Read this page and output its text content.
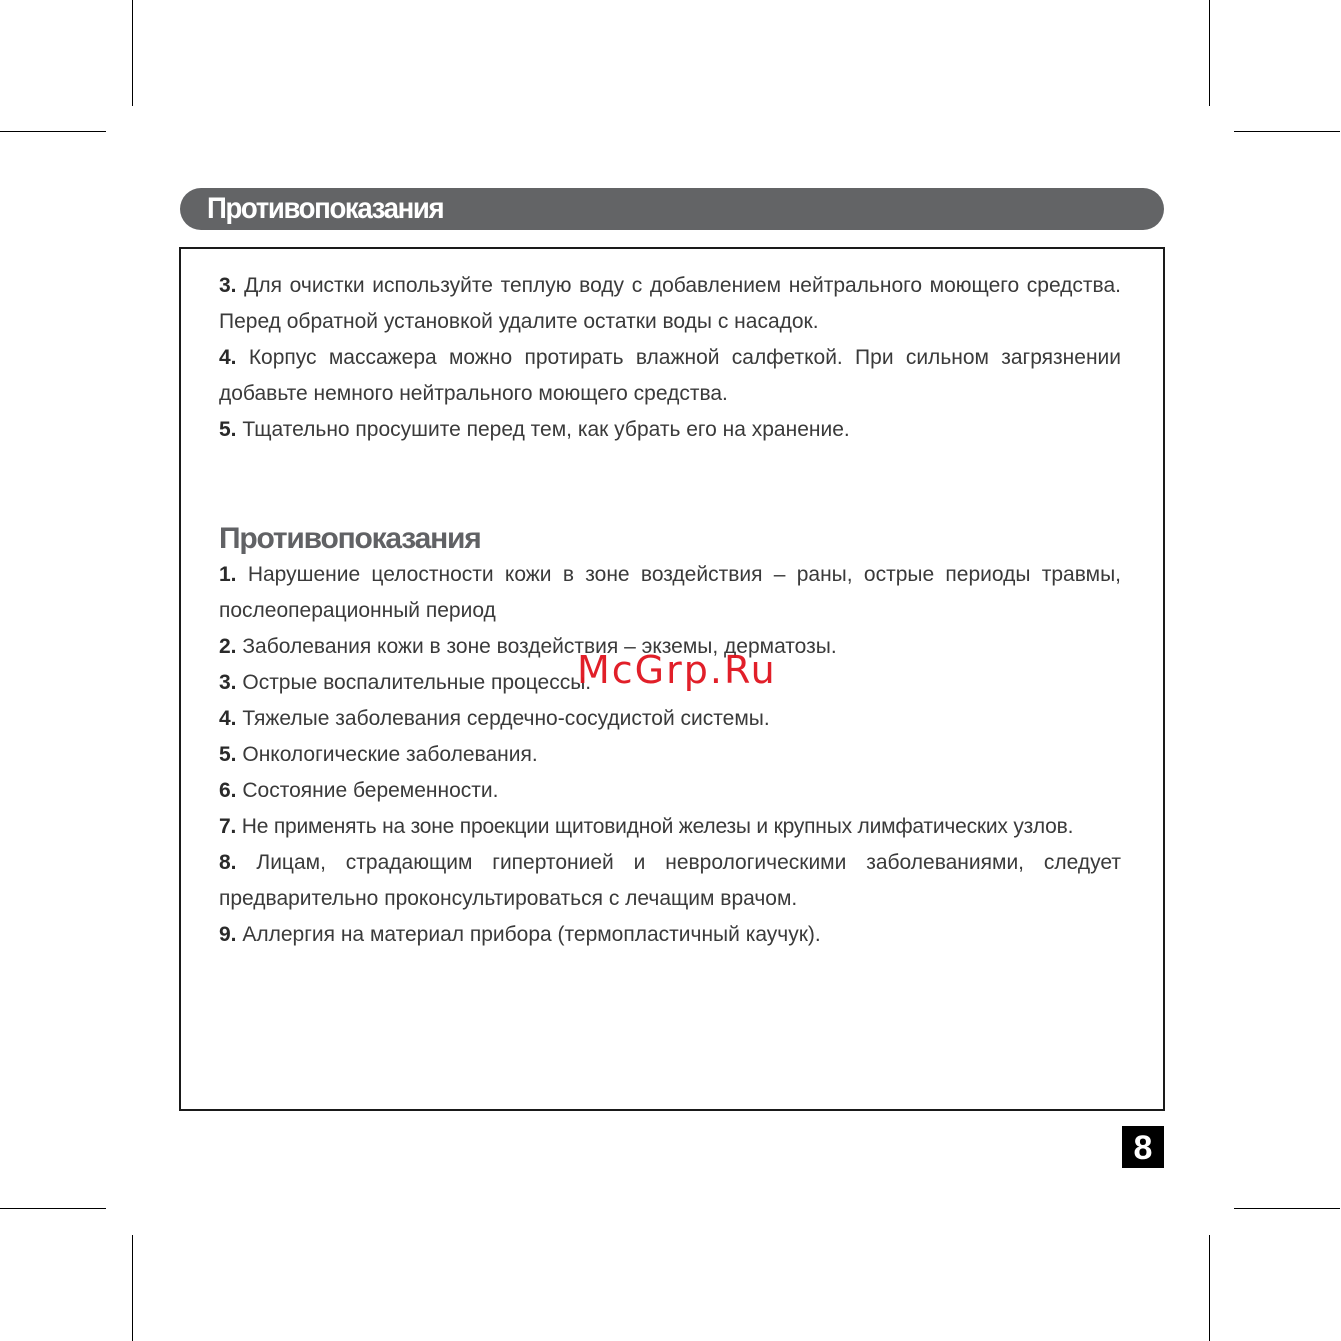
Противопоказания
3. Для очистки используйте теплую воду с добавлением нейтрального моющего средства. Перед обратной установкой удалите остатки воды с насадок.
4. Корпус массажера можно протирать влажной салфеткой. При сильном загрязнении добавьте немного нейтрального моющего средства.
5. Тщательно просушите перед тем, как убрать его на хранение.
Противопоказания
1. Нарушение целостности кожи в зоне воздействия – раны, острые периоды травмы, послеоперационный период
2. Заболевания кожи в зоне воздействия – экземы, дерматозы.
3. Острые воспалительные процессы.
4. Тяжелые заболевания сердечно-сосудистой системы.
5. Онкологические заболевания.
6. Состояние беременности.
7. Не применять на зоне проекции щитовидной железы и крупных лимфатических узлов.
8. Лицам, страдающим гипертонией и неврологическими заболеваниями, следует предварительно проконсультироваться с лечащим врачом.
9. Аллергия на материал прибора (термопластичный каучук).
McGrp.Ru
8
